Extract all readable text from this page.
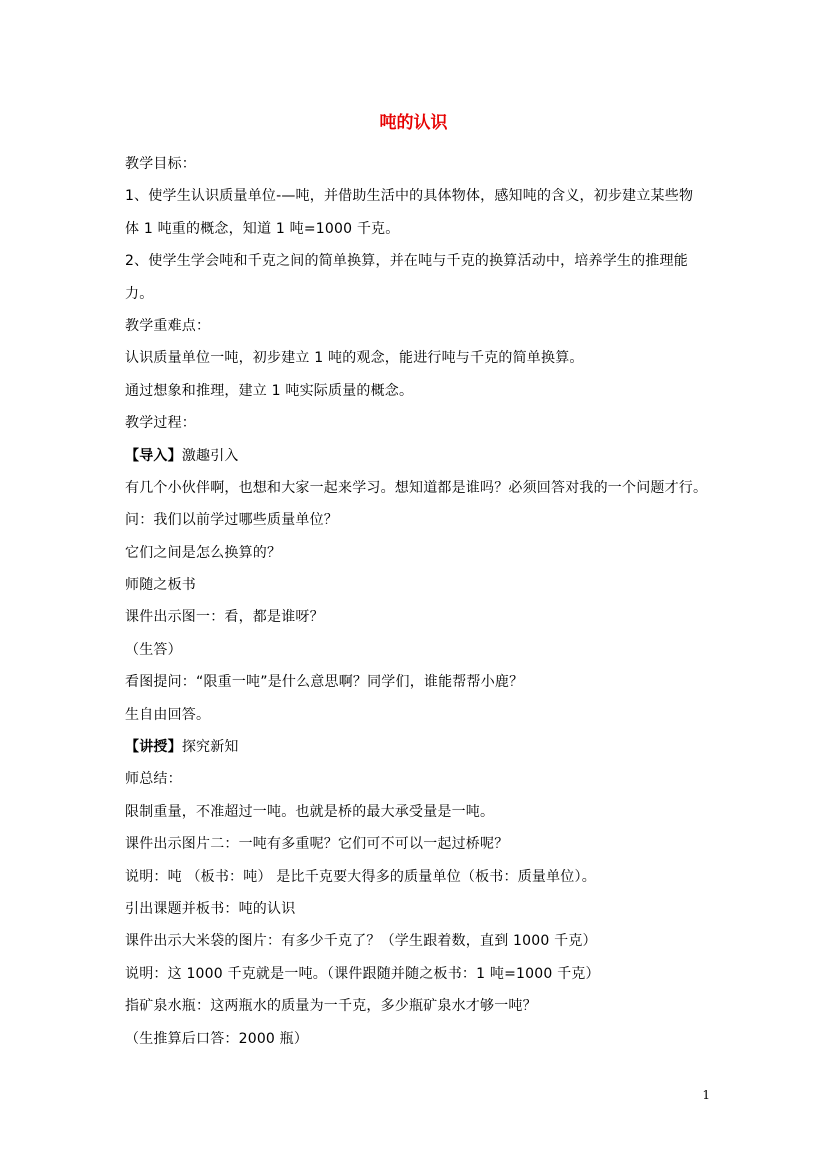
吨的认识
教学目标：
1、使学生认识质量单位-—吨，并借助生活中的具体物体，感知吨的含义，初步建立某些物
体 1 吨重的概念，知道 1 吨=1000 千克。
2、使学生学会吨和千克之间的简单换算，并在吨与千克的换算活动中，培养学生的推理能
力。
教学重难点：
认识质量单位一吨，初步建立 1 吨的观念，能进行吨与千克的简单换算。
通过想象和推理，建立 1 吨实际质量的概念。
教学过程：
【导入】激趣引入
有几个小伙伴啊，也想和大家一起来学习。想知道都是谁吗？必须回答对我的一个问题才行。
问：我们以前学过哪些质量单位？
它们之间是怎么换算的？
师随之板书
课件出示图一：看，都是谁呀？
（生答）
看图提问：“限重一吨”是什么意思啊？同学们，谁能帮帮小鹿？
生自由回答。
【讲授】探究新知
师总结：
限制重量，不准超过一吨。也就是桥的最大承受量是一吨。
课件出示图片二：一吨有多重呢？它们可不可以一起过桥呢？
说明：吨 （板书：吨） 是比千克要大得多的质量单位（板书：质量单位）。
引出课题并板书：吨的认识
课件出示大米袋的图片：有多少千克了？（学生跟着数，直到 1000 千克）
说明：这 1000 千克就是一吨。（课件跟随并随之板书：1 吨=1000 千克）
指矿泉水瓶：这两瓶水的质量为一千克，多少瓶矿泉水才够一吨？
（生推算后口答：2000 瓶）
1
